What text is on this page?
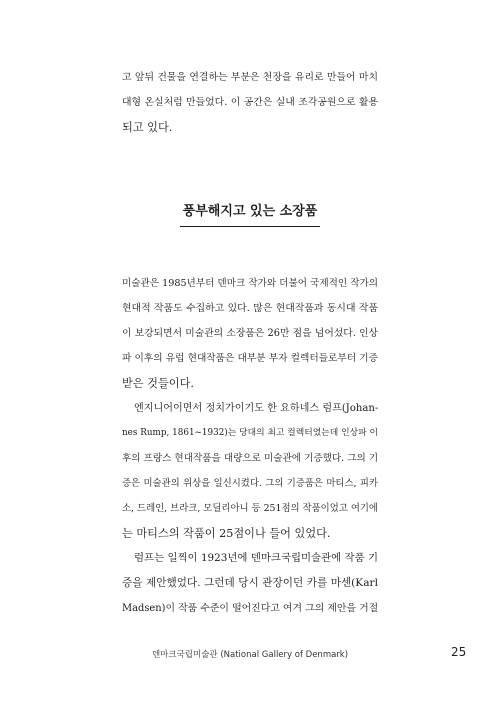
고 앞뒤 건물을 연결하는 부분은 천장을 유리로 만들어 마치
대형 온실처럼 만들었다. 이 공간은 실내 조각공원으로 활용
되고 있다.
풍부해지고 있는 소장품
미술관은 1985년부터 덴마크 작가와 더불어 국제적인 작가의
현대적 작품도 수집하고 있다. 많은 현대작품과 동시대 작품
이 보강되면서 미술관의 소장품은 26만 점을 넘어섰다. 인상
파 이후의 유럽 현대작품은 대부분 부자 컬렉터들로부터 기증
받은 것들이다.
엔지니어이면서 정치가이기도 한 요하네스 럼프(Johan-
nes Rump, 1861~1932)는 당대의 최고 컬렉터였는데 인상파 이
후의 프랑스 현대작품을 대량으로 미술관에 기증했다. 그의 기
증은 미술관의 위상을 일신시켰다. 그의 기증품은 마티스, 피카
소, 드레인, 브라크, 모딜리아니 등 251점의 작품이었고 여기에
는 마티스의 작품이 25점이나 들어 있었다.
럼프는 일찍이 1923년에 덴마크국립미술관에 작품 기
증을 제안했었다. 그런데 당시 관장이던 카를 마센(Karl
Madsen)이 작품 수준이 떨어진다고 여겨 그의 제안을 거절
덴마크국립미술관 (National Gallery of Denmark)	25
